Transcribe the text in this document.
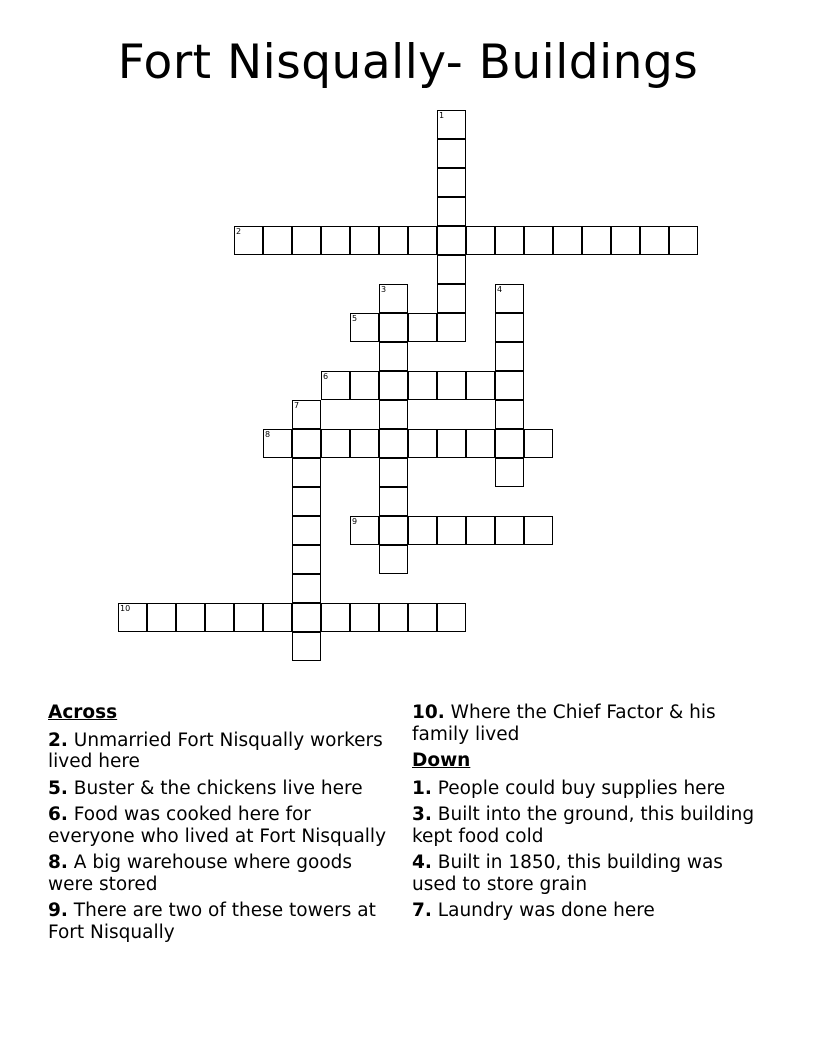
Fort Nisqually- Buildings
1
2
3	4
5
6
7
8
9
10
Across
2. Unmarried Fort Nisqually workers lived here
5. Buster & the chickens live here
6. Food was cooked here for everyone who lived at Fort Nisqually
8. A big warehouse where goods were stored
9. There are two of these towers at Fort Nisqually
10. Where the Chief Factor & his family lived
Down
1. People could buy supplies here
3. Built into the ground, this building kept food cold
4. Built in 1850, this building was used to store grain
7. Laundry was done here
